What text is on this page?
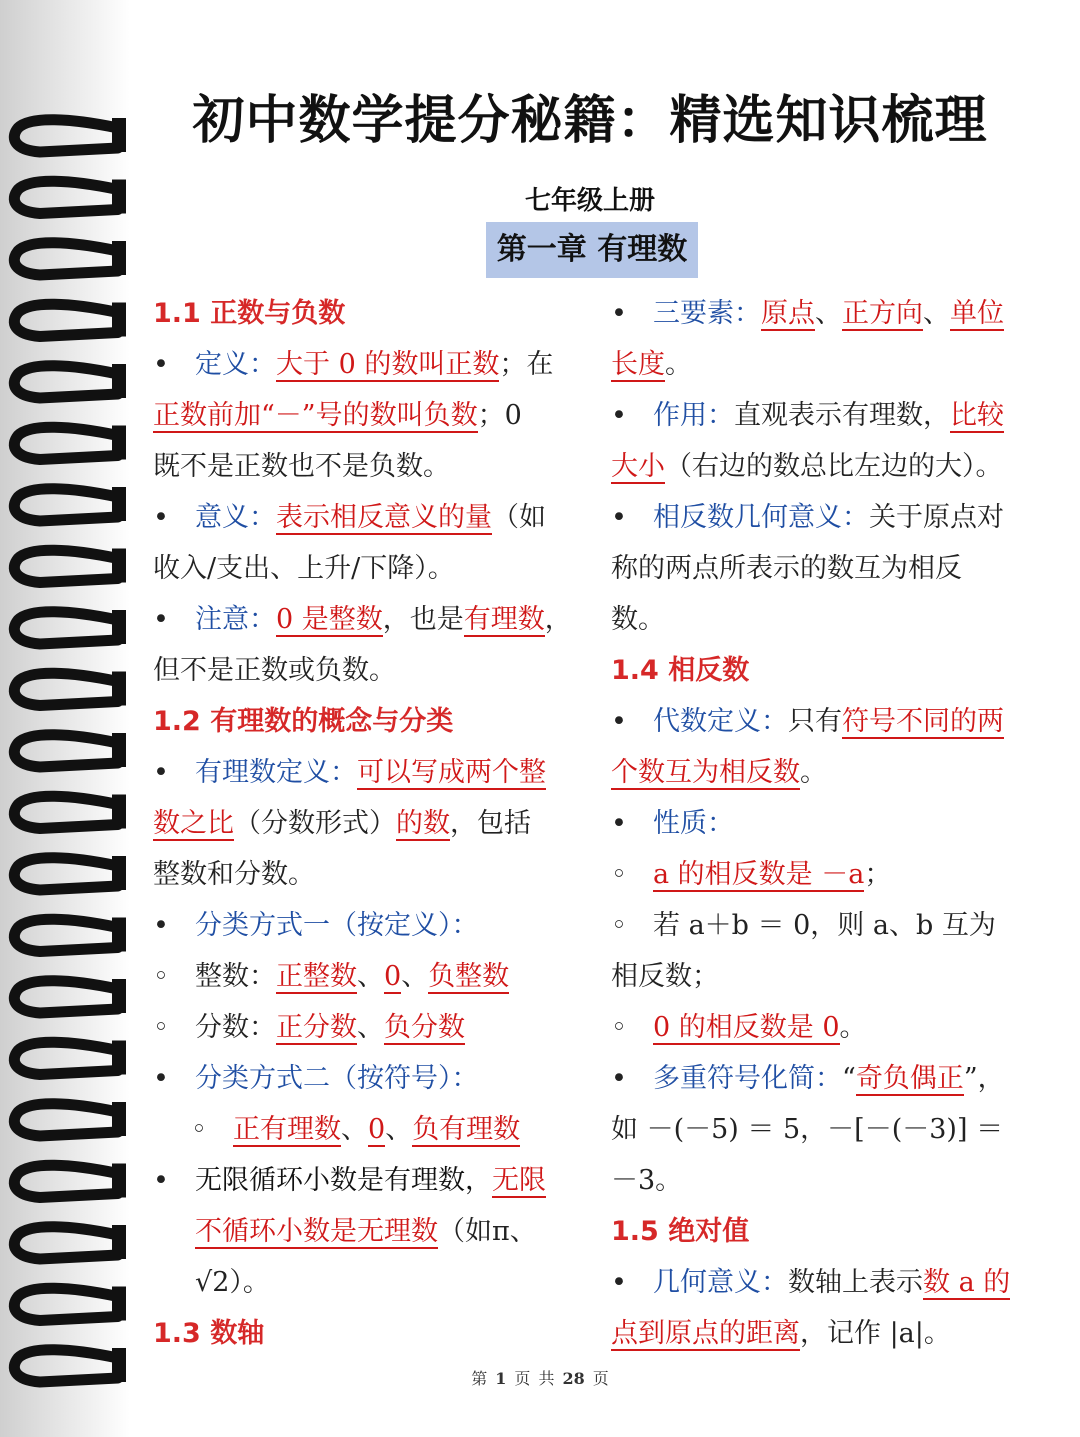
初中数学提分秘籍：精选知识梳理
七年级上册
第一章 有理数
1.1 正数与负数
• 定义：大于 0 的数叫正数；在
正数前加“－”号的数叫负数；0
既不是正数也不是负数。
• 意义：表示相反意义的量（如
收入/支出、上升/下降）。
• 注意：0 是整数，也是有理数，
但不是正数或负数。
1.2 有理数的概念与分类
• 有理数定义：可以写成两个整
数之比（分数形式）的数，包括
整数和分数。
• 分类方式一（按定义）：
◦ 整数：正整数、0、负整数
◦ 分数：正分数、负分数
• 分类方式二（按符号）：
◦ 正有理数、0、负有理数
• 无限循环小数是有理数，无限
不循环小数是无理数（如π、
√2）。
1.3 数轴
• 三要素：原点、正方向、单位
长度。
• 作用：直观表示有理数，比较
大小（右边的数总比左边的大）。
• 相反数几何意义：关于原点对
称的两点所表示的数互为相反
数。
1.4 相反数
• 代数定义：只有符号不同的两
个数互为相反数。
• 性质：
◦ a 的相反数是 －a；
◦ 若 a＋b ＝ 0，则 a、b 互为
相反数；
◦ 0 的相反数是 0。
• 多重符号化简：“奇负偶正”，
如 －(－5) ＝ 5，－[－(－3)] ＝
－3。
1.5 绝对值
• 几何意义：数轴上表示数 a 的
点到原点的距离，记作 |a|。
第 1 页 共 28 页
